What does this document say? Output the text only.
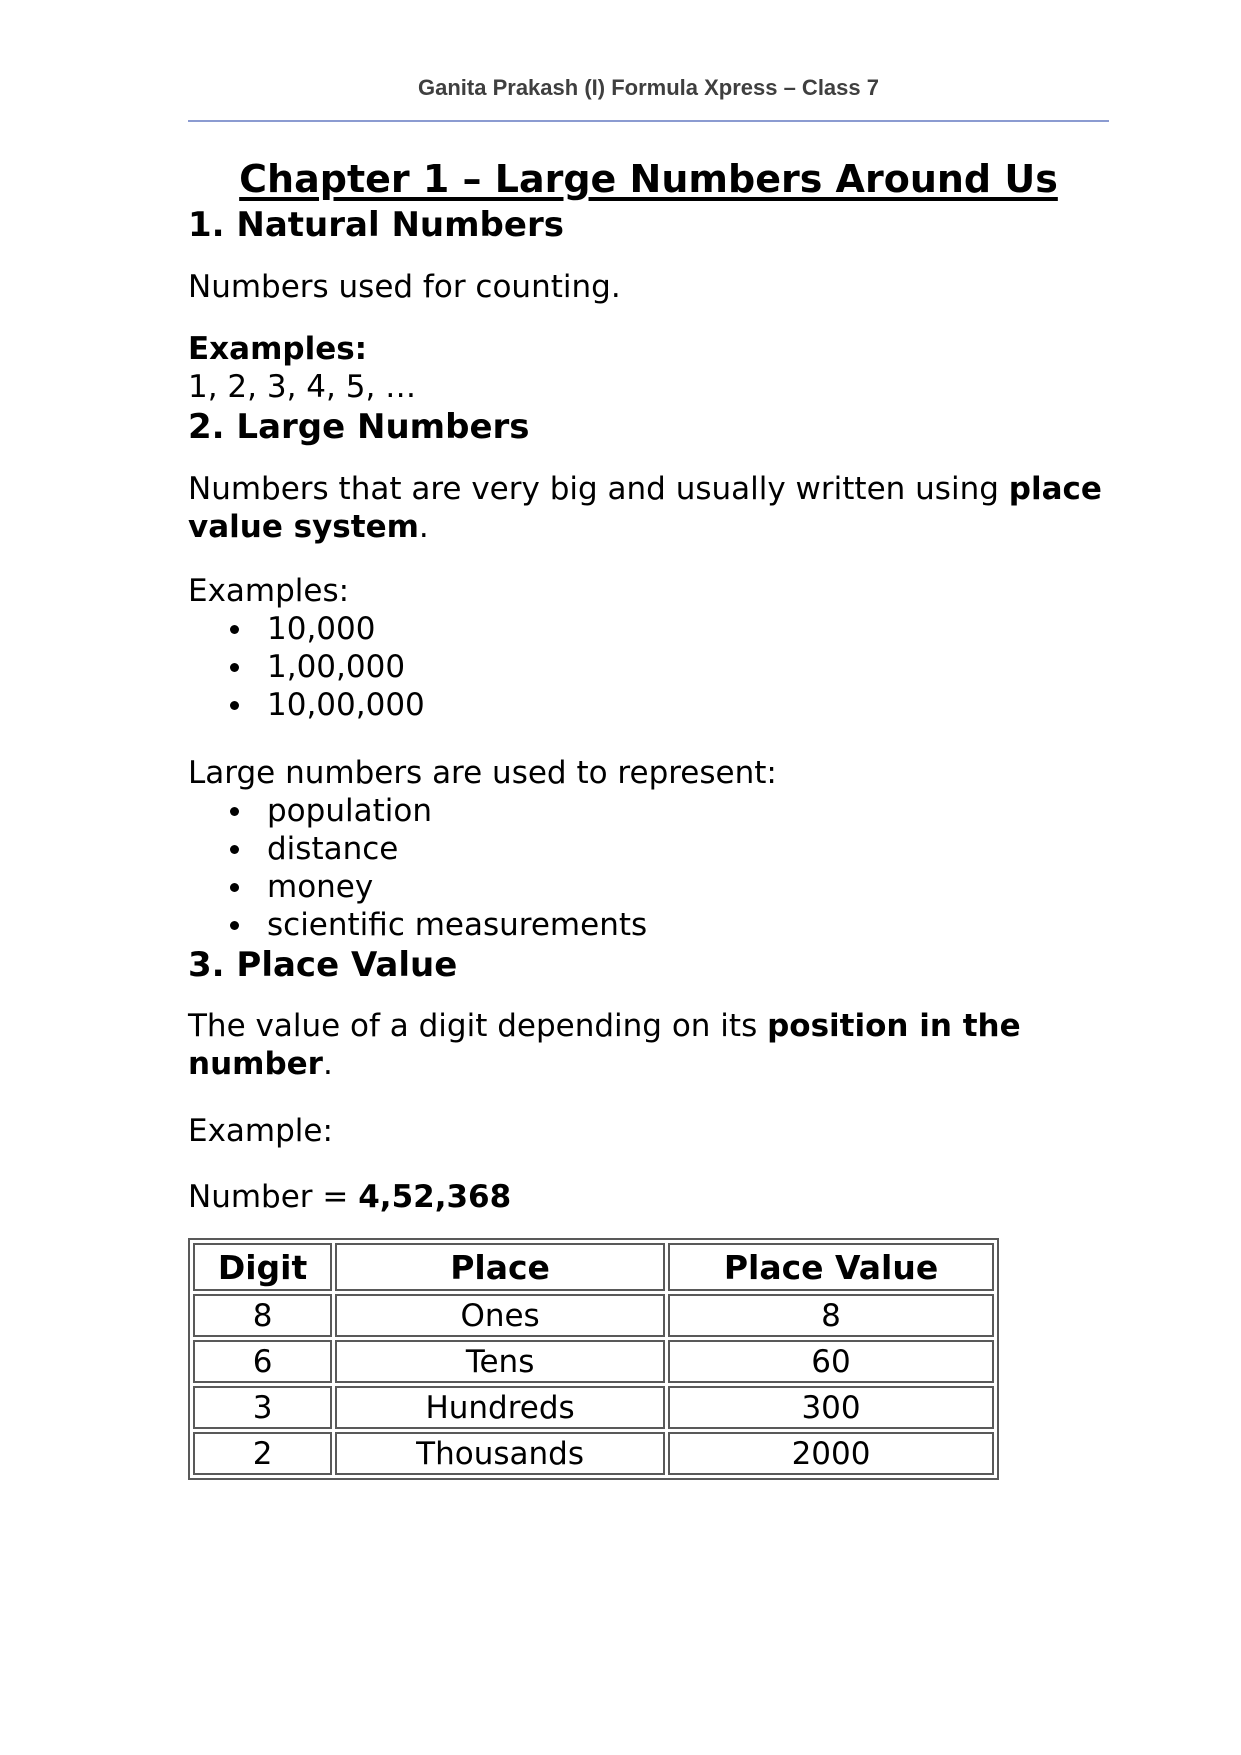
Ganita Prakash (I) Formula Xpress – Class 7
Chapter 1 – Large Numbers Around Us
1. Natural Numbers

Numbers used for counting.

Examples:
1, 2, 3, 4, 5, …
2. Large Numbers

Numbers that are very big and usually written using place value system.

Examples:

10,000
1,00,000
10,00,000

Large numbers are used to represent:

population
distance
money
scientific measurements
3. Place Value

The value of a digit depending on its position in the number.

Example:

Number = 4,52,368

Digit	Place	Place Value
8	Ones	8
6	Tens	60
3	Hundreds	300
2	Thousands	2000
